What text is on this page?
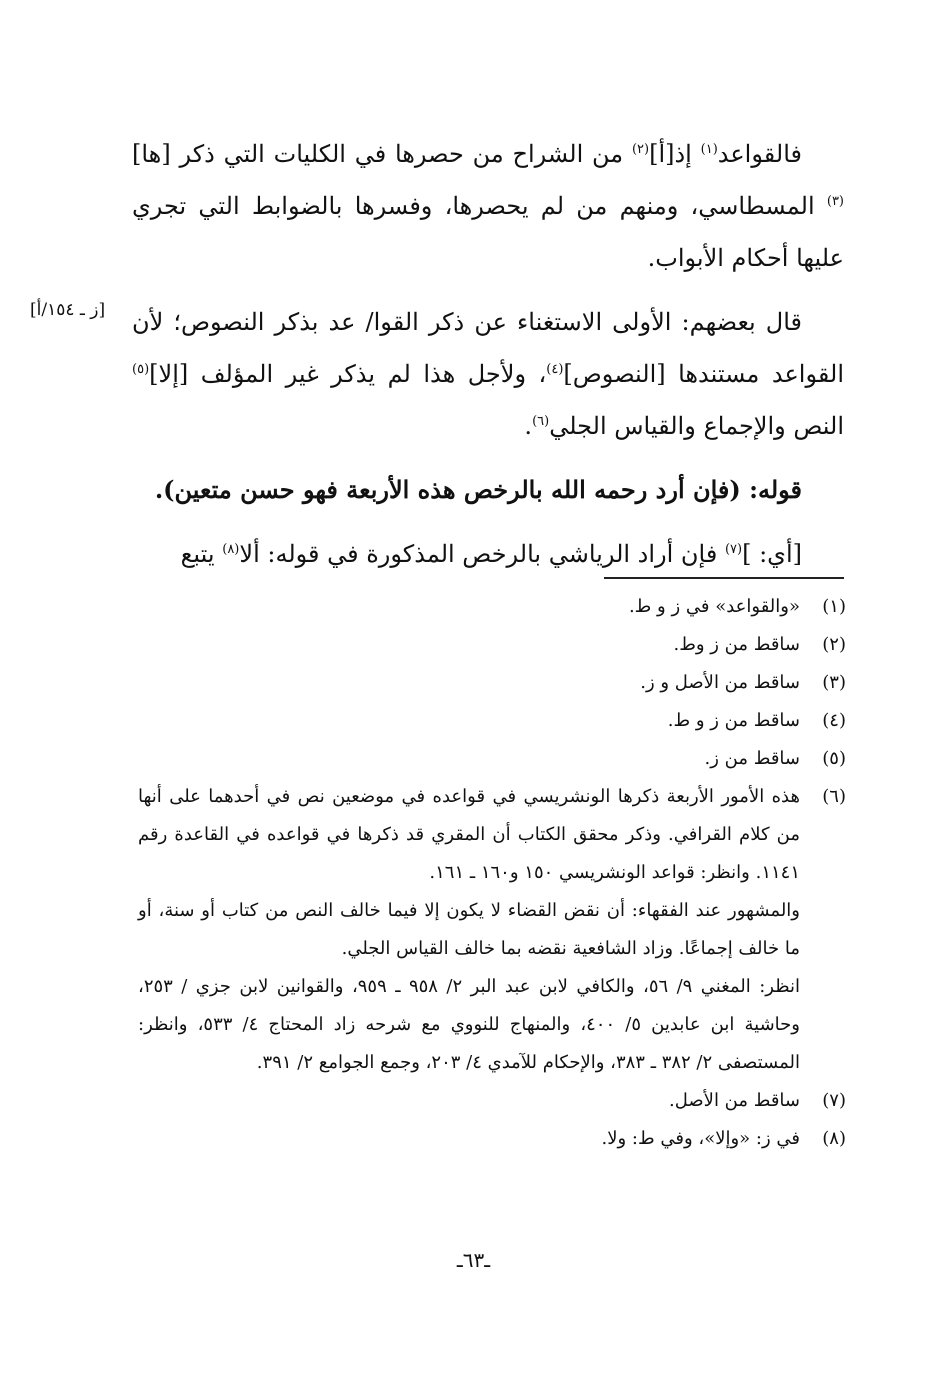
فالقواعد$^{(١)}$ إذ[أ]$^{(٢)}$ من الشراح من حصرها في الكليات التي ذكر [ها]$^{(٣)}$ المسطاسي، ومنهم من لم يحصرها، وفسرها بالضوابط التي تجري عليها أحكام الأبواب.

قال بعضهم: الأولى الاستغناء عن ذكر القوا/ عد بذكر النصوص؛ لأن القواعد مستندها [النصوص]$^{(٤)}$، ولأجل هذا لم يذكر غير المؤلف [إلا]$^{(٥)}$ النص والإجماع والقياس الجلي$^{(٦)}$.

قوله: (فإن أرد رحمه الله بالرخص هذه الأربعة فهو حسن متعين).

[أي: ]$^{(٧)}$ فإن أراد الرياشي بالرخص المذكورة في قوله: ألا$^{(٨)}$ يتبع

[ز ـ ١٥٤/أ]
(١)
«والقواعد» في ز و ط.
(٢)
ساقط من ز وط.
(٣)
ساقط من الأصل و ز.
(٤)
ساقط من ز و ط.
(٥)
ساقط من ز.
(٦)
هذه الأمور الأربعة ذكرها الونشريسي في قواعده في موضعين نص في أحدهما على أنها من كلام القرافي. وذكر محقق الكتاب أن المقري قد ذكرها في قواعده في القاعدة رقم ١١٤١. وانظر: قواعد الونشريسي ١٥٠ و١٦٠ ـ ١٦١.
والمشهور عند الفقهاء: أن نقض القضاء لا يكون إلا فيما خالف النص من كتاب أو سنة، أو ما خالف إجماعًا. وزاد الشافعية نقضه بما خالف القياس الجلي.
انظر: المغني ٩/ ٥٦، والكافي لابن عبد البر ٢/ ٩٥٨ ـ ٩٥٩، والقوانين لابن جزي / ٢٥٣، وحاشية ابن عابدين ٥/ ٤٠٠، والمنهاج للنووي مع شرحه زاد المحتاج ٤/ ٥٣٣، وانظر: المستصفى ٢/ ٣٨٢ ـ ٣٨٣، والإحكام للآمدي ٤/ ٢٠٣، وجمع الجوامع ٢/ ٣٩١.
(٧)
ساقط من الأصل.
(٨)
في ز: «وإلا»، وفي ط: ولا.
ـ٦٣ـ
